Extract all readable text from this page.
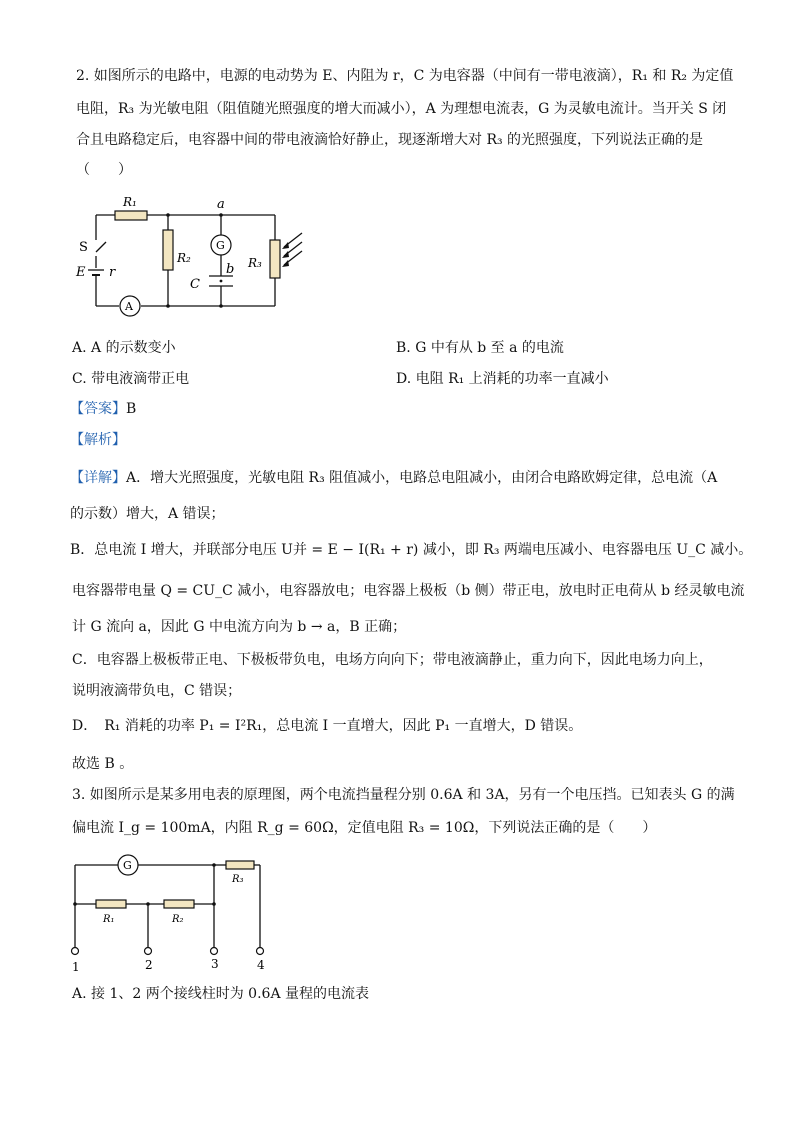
2. 如图所示的电路中，电源的电动势为 E、内阻为 r，C 为电容器（中间有一带电液滴），R₁ 和 R₂ 为定值
电阻，R₃ 为光敏电阻（阻值随光照强度的增大而减小），A 为理想电流表，G 为灵敏电流计。当开关 S 闭
合且电路稳定后，电容器中间的带电液滴恰好静止，现逐渐增大对 R₃ 的光照强度，下列说法正确的是
（　　）
R₁
R₂	R₃
S
E r
A
G
a
b
C
A. A 的示数变小	B. G 中有从 b 至 a 的电流
C. 带电液滴带正电	D. 电阻 R₁ 上消耗的功率一直减小
【答案】B
【解析】
【详解】A．增大光照强度，光敏电阻 R₃ 阻值减小，电路总电阻减小，由闭合电路欧姆定律，总电流（A
的示数）增大，A 错误；
B．总电流 I 增大，并联部分电压 U并 = E − I(R₁ + r) 减小，即 R₃ 两端电压减小、电容器电压 U_C 减小。
电容器带电量 Q = CU_C 减小，电容器放电；电容器上极板（b 侧）带正电，放电时正电荷从 b 经灵敏电流
计 G 流向 a，因此 G 中电流方向为 b → a，B 正确；
C．电容器上极板带正电、下极板带负电，电场方向向下；带电液滴静止，重力向下，因此电场力向上，
说明液滴带负电，C 错误；
D．　R₁ 消耗的功率 P₁ = I²R₁，总电流 I 一直增大，因此 P₁ 一直增大，D 错误。
故选 B 。
3. 如图所示是某多用电表的原理图，两个电流挡量程分别 0.6A 和 3A，另有一个电压挡。已知表头 G 的满
偏电流 I_g = 100mA，内阻 R_g = 60Ω，定值电阻 R₃ = 10Ω，下列说法正确的是（　　）
G
R₁	R₂
R₃
1	2	3	4
A. 接 1、2 两个接线柱时为 0.6A 量程的电流表
